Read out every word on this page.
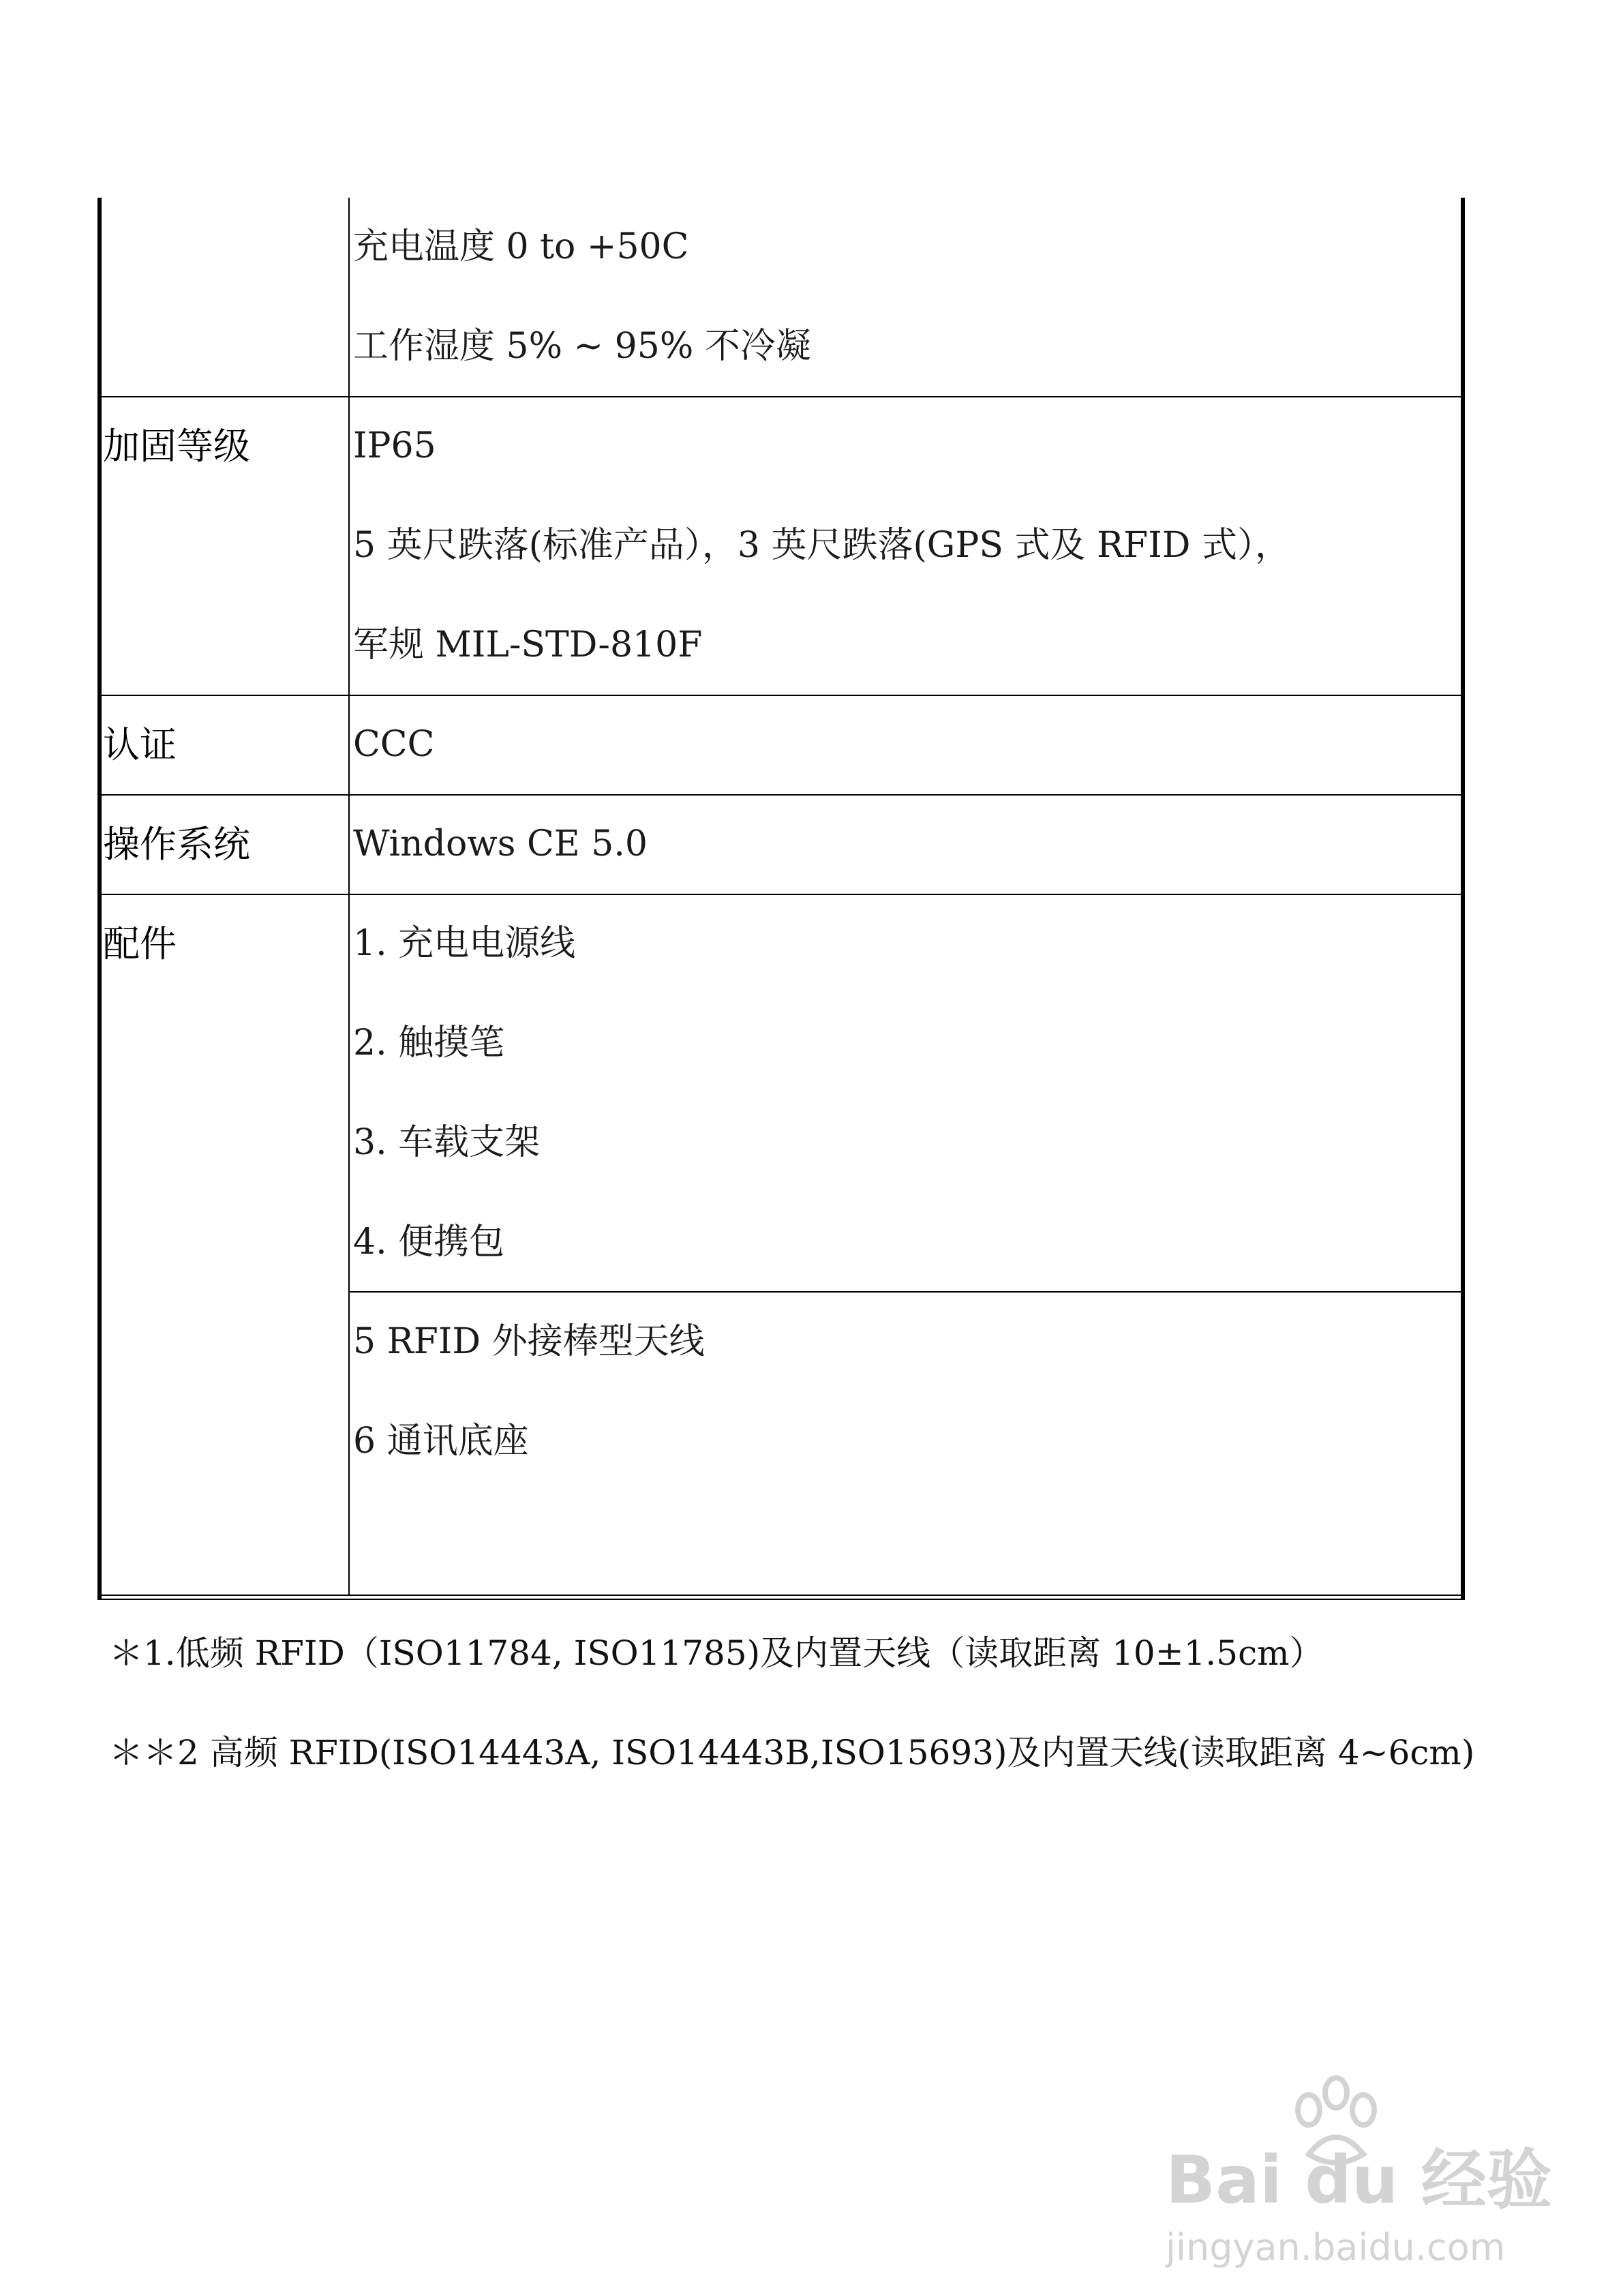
充电温度 0 to +50C
工作湿度 5% ~ 95% 不冷凝
加固等级	IP65
5 英尺跌落(标准产品），3 英尺跌落(GPS 式及 RFID 式），
军规 MIL-STD-810F
认证	CCC
操作系统	Windows CE 5.0
配件	1. 充电电源线
2. 触摸笔
3. 车载支架
4. 便携包
5 RFID 外接棒型天线
6 通讯底座
＊1.低频 RFID（ISO11784, ISO11785)及内置天线（读取距离 10±1.5cm）
＊＊2 高频 RFID(ISO14443A, ISO14443B,ISO15693)及内置天线(读取距离 4~6cm)
Bai du 经验
jingyan.baidu.com
